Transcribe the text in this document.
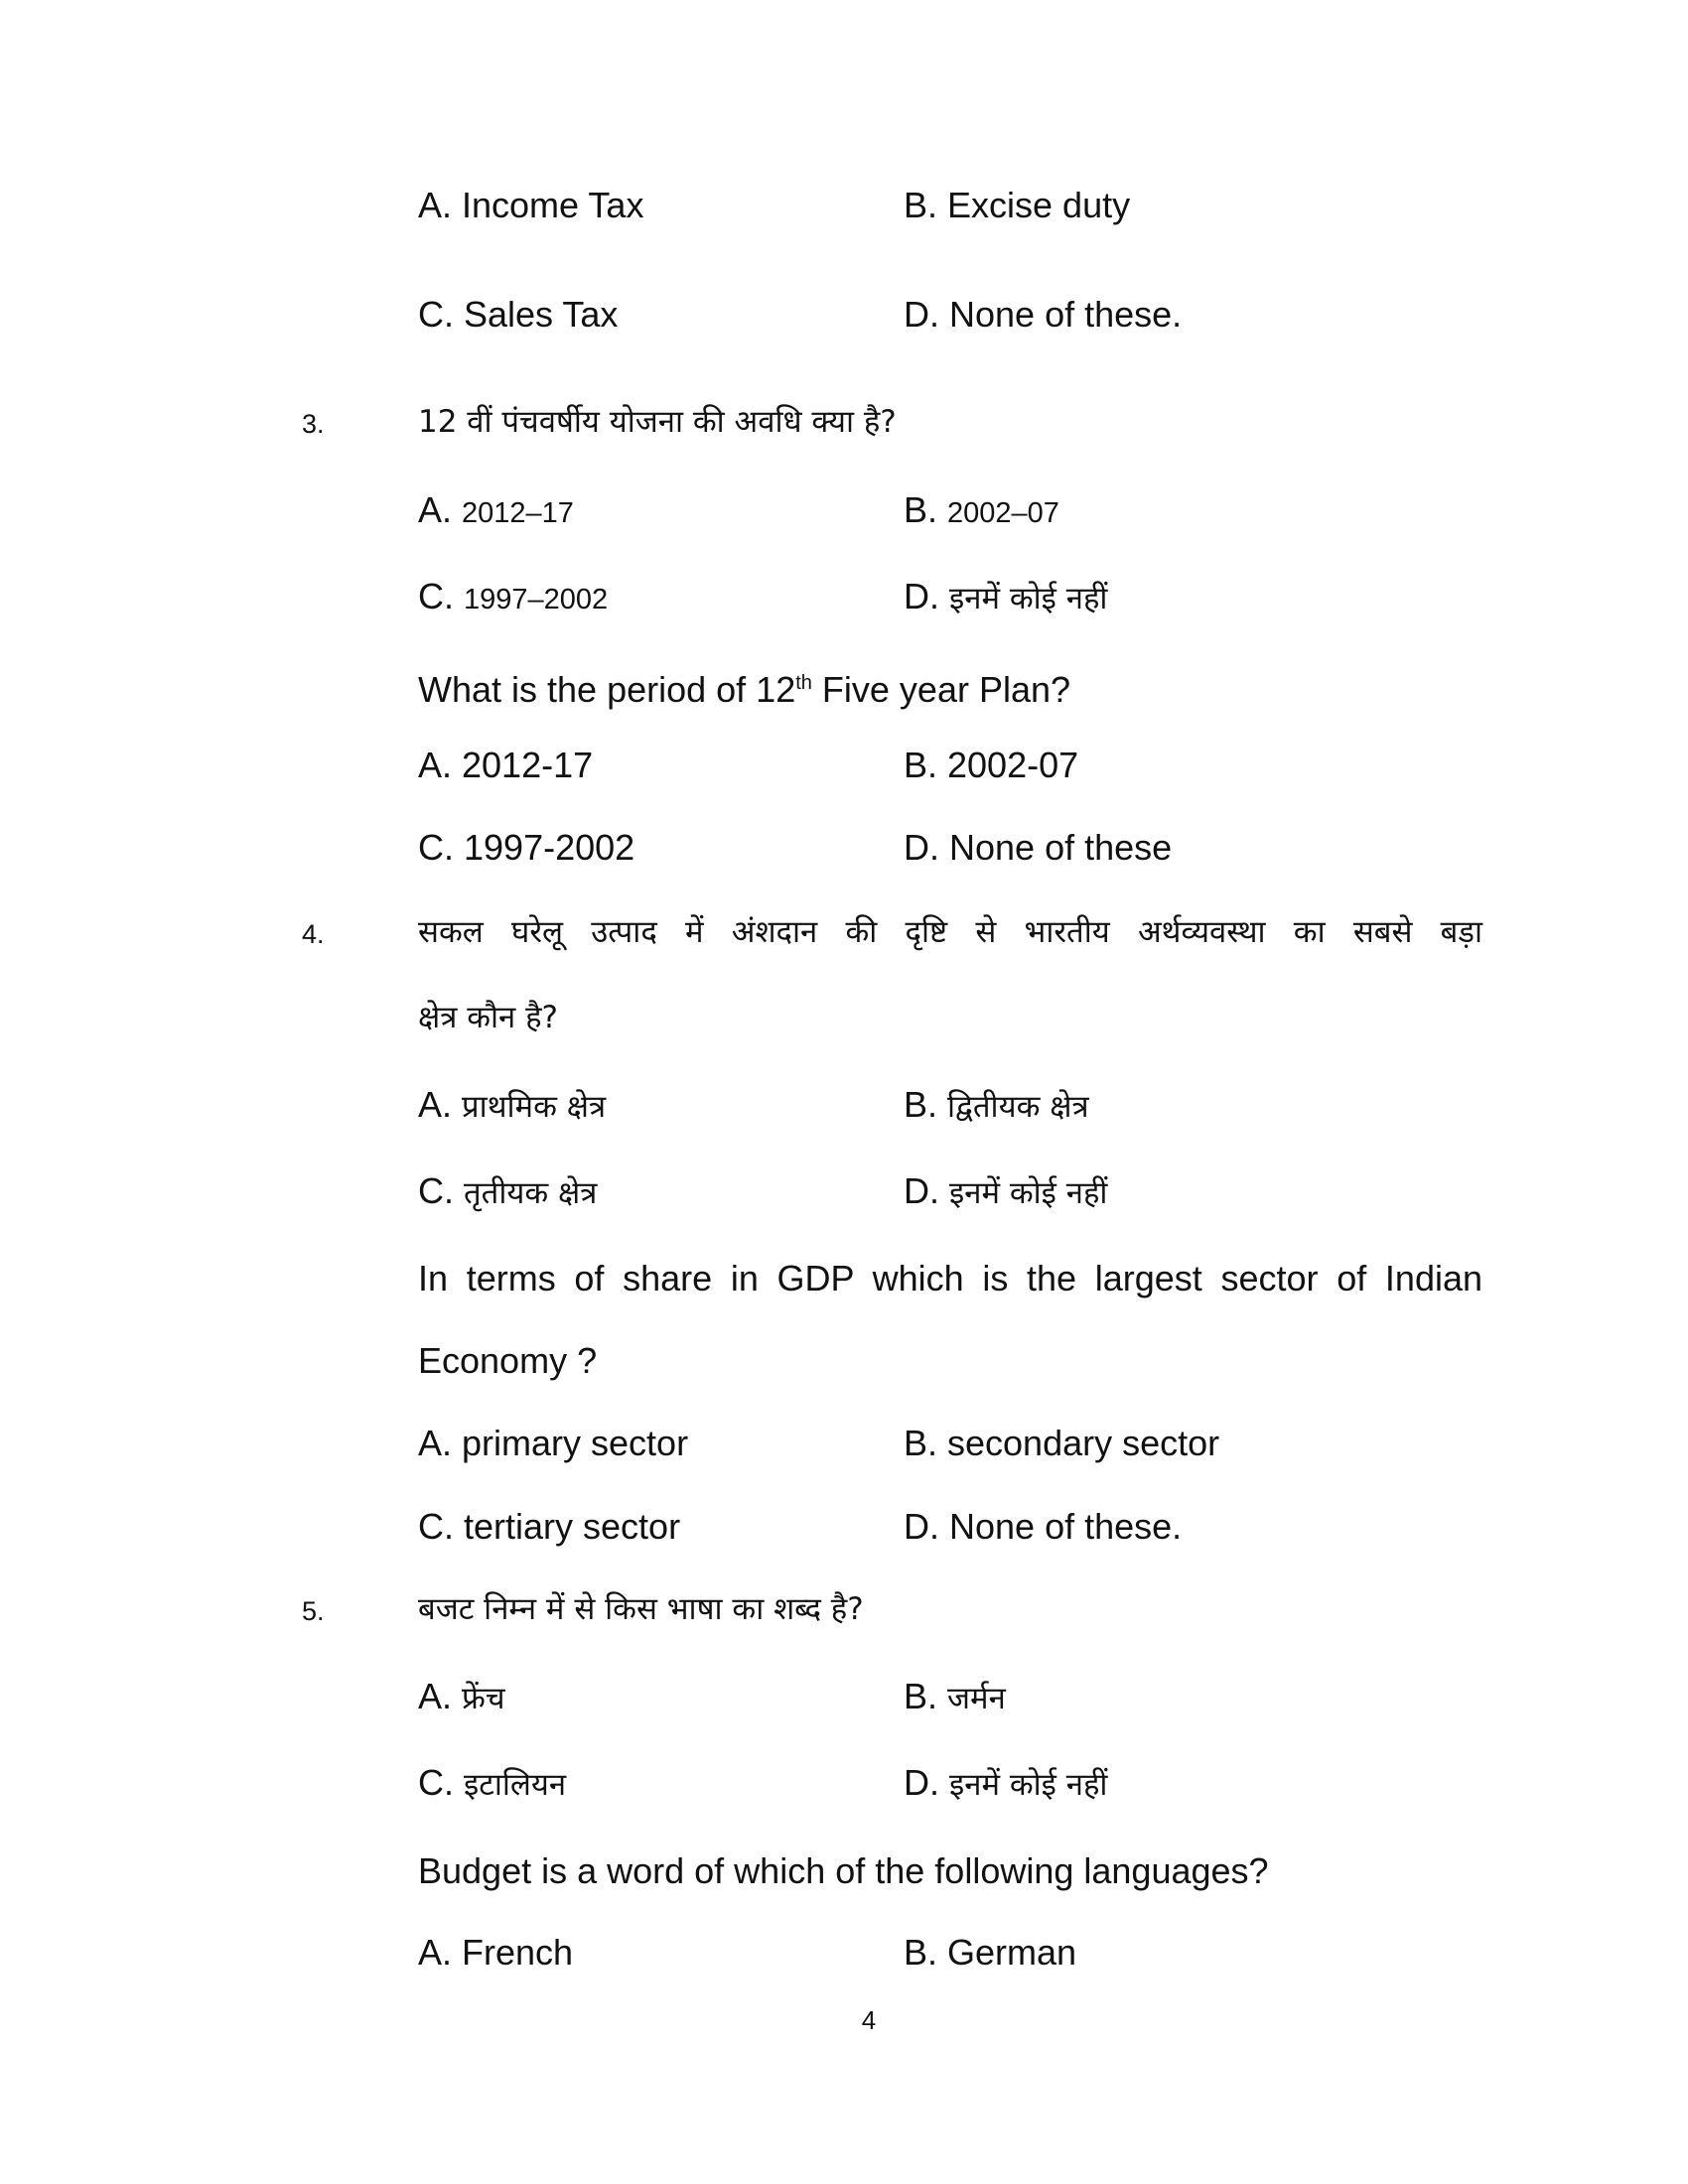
A. Income Tax	B. Excise duty
C. Sales Tax	D. None of these.
3.	12 वीं पंचवर्षीय योजना की अवधि क्या है?
A. 2012–17	B. 2002–07
C. 1997–2002	D. इनमें कोई नहीं
What is the period of 12th Five year Plan?
A. 2012-17	B. 2002-07
C. 1997-2002	D. None of these
4.	सकल घरेलू उत्पाद में अंशदान की दृष्टि से भारतीय अर्थव्यवस्था का सबसे बड़ा
क्षेत्र कौन है?
A. प्राथमिक क्षेत्र	B. द्वितीयक क्षेत्र
C. तृतीयक क्षेत्र	D. इनमें कोई नहीं
In terms of share in GDP which is the largest sector of Indian
Economy ?
A. primary sector	B. secondary sector
C. tertiary sector	D. None of these.
5.	बजट निम्न में से किस भाषा का शब्द है?
A. फ्रेंच	B. जर्मन
C. इटालियन	D. इनमें कोई नहीं
Budget is a word of which of the following languages?
A. French	B. German
4
